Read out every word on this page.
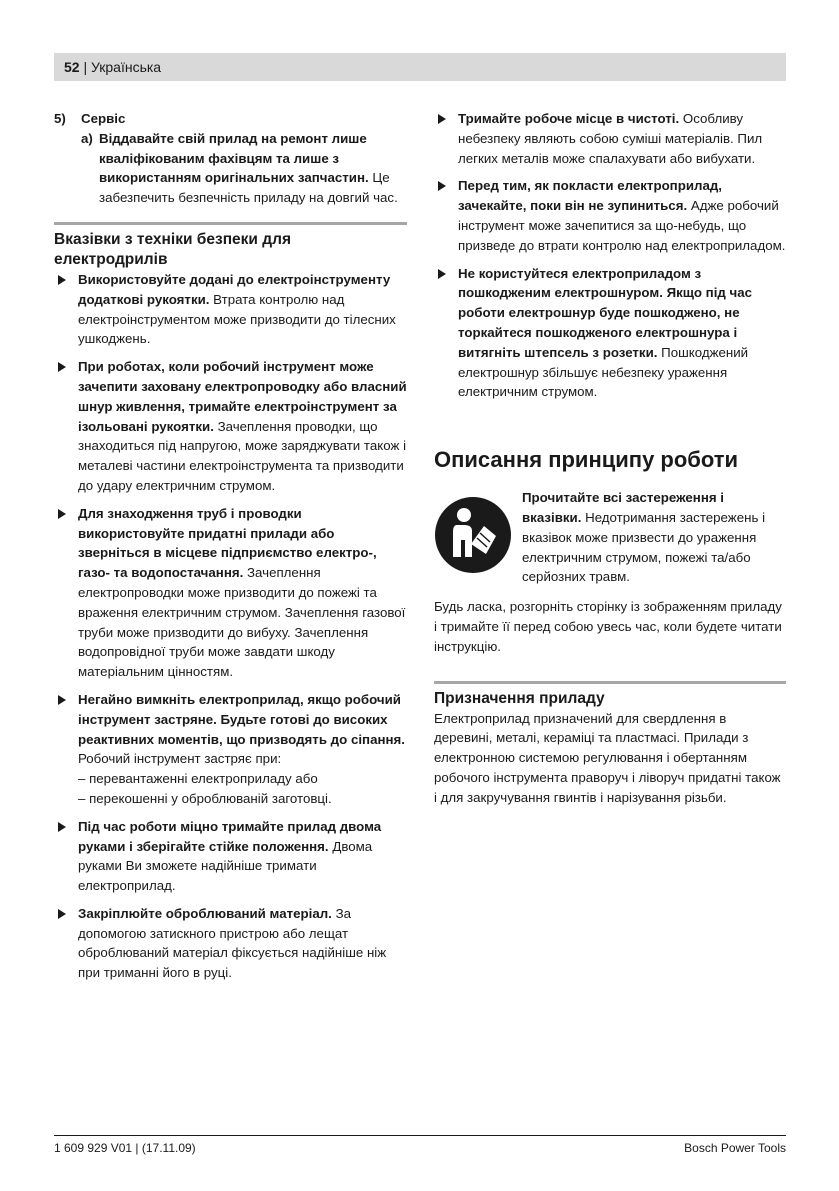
52 | Українська
5)	Сервіс
a) Віддавайте свій прилад на ремонт лише кваліфікованим фахівцям та лише з використанням оригінальних запчастин. Це забезпечить безпечність приладу на довгий час.
Вказівки з техніки безпеки для електродрилів
Використовуйте додані до електроінструменту додаткові рукоятки. Втрата контролю над електроінструментом може призводити до тілесних ушкоджень.
При роботах, коли робочий інструмент може зачепити заховану електропроводку або власний шнур живлення, тримайте електроінструмент за ізольовані рукоятки. Зачеплення проводки, що знаходиться під напругою, може заряджувати також і металеві частини електроінструмента та призводити до удару електричним струмом.
Для знаходження труб і проводки використовуйте придатні прилади або зверніться в місцеве підприємство електро-, газо- та водопостачання. Зачеплення електропроводки може призводити до пожежі та враження електричним струмом. Зачеплення газової труби може призводити до вибуху. Зачеплення водопровідної труби може завдати шкоду матеріальним цінностям.
Негайно вимкніть електроприлад, якщо робочий інструмент застряне. Будьте готові до високих реактивних моментів, що призводять до сіпання. Робочий інструмент застряє при:
– перевантаженні електроприладу або
– перекошенні у оброблюваній заготовці.
Під час роботи міцно тримайте прилад двома руками і зберігайте стійке положення. Двома руками Ви зможете надійніше тримати електроприлад.
Закріплюйте оброблюваний матеріал. За допомогою затискного пристрою або лещат оброблюваний матеріал фіксується надійніше ніж при триманні його в руці.
Тримайте робоче місце в чистоті. Особливу небезпеку являють собою суміші матеріалів. Пил легких металів може спалахувати або вибухати.
Перед тим, як покласти електроприлад, зачекайте, поки він не зупиниться. Адже робочий інструмент може зачепитися за що-небудь, що призведе до втрати контролю над електроприладом.
Не користуйтеся електроприладом з пошкодженим електрошнуром. Якщо під час роботи електрошнур буде пошкоджено, не торкайтеся пошкодженого електрошнура і витягніть штепсель з розетки. Пошкоджений електрошнур збільшує небезпеку ураження електричним струмом.
Описання принципу роботи
Прочитайте всі застереження і вказівки. Недотримання застережень і вказівок може призвести до ураження електричним струмом, пожежі та/або серйозних травм.
Будь ласка, розгорніть сторінку із зображенням приладу і тримайте її перед собою увесь час, коли будете читати інструкцію.
Призначення приладу
Електроприлад призначений для свердлення в деревині, металі, кераміці та пластмасі. Прилади з електронною системою регулювання і обертанням робочого інструмента праворуч і ліворуч придатні також і для закручування гвинтів і нарізування різьби.
1 609 929 V01 | (17.11.09)	Bosch Power Tools
